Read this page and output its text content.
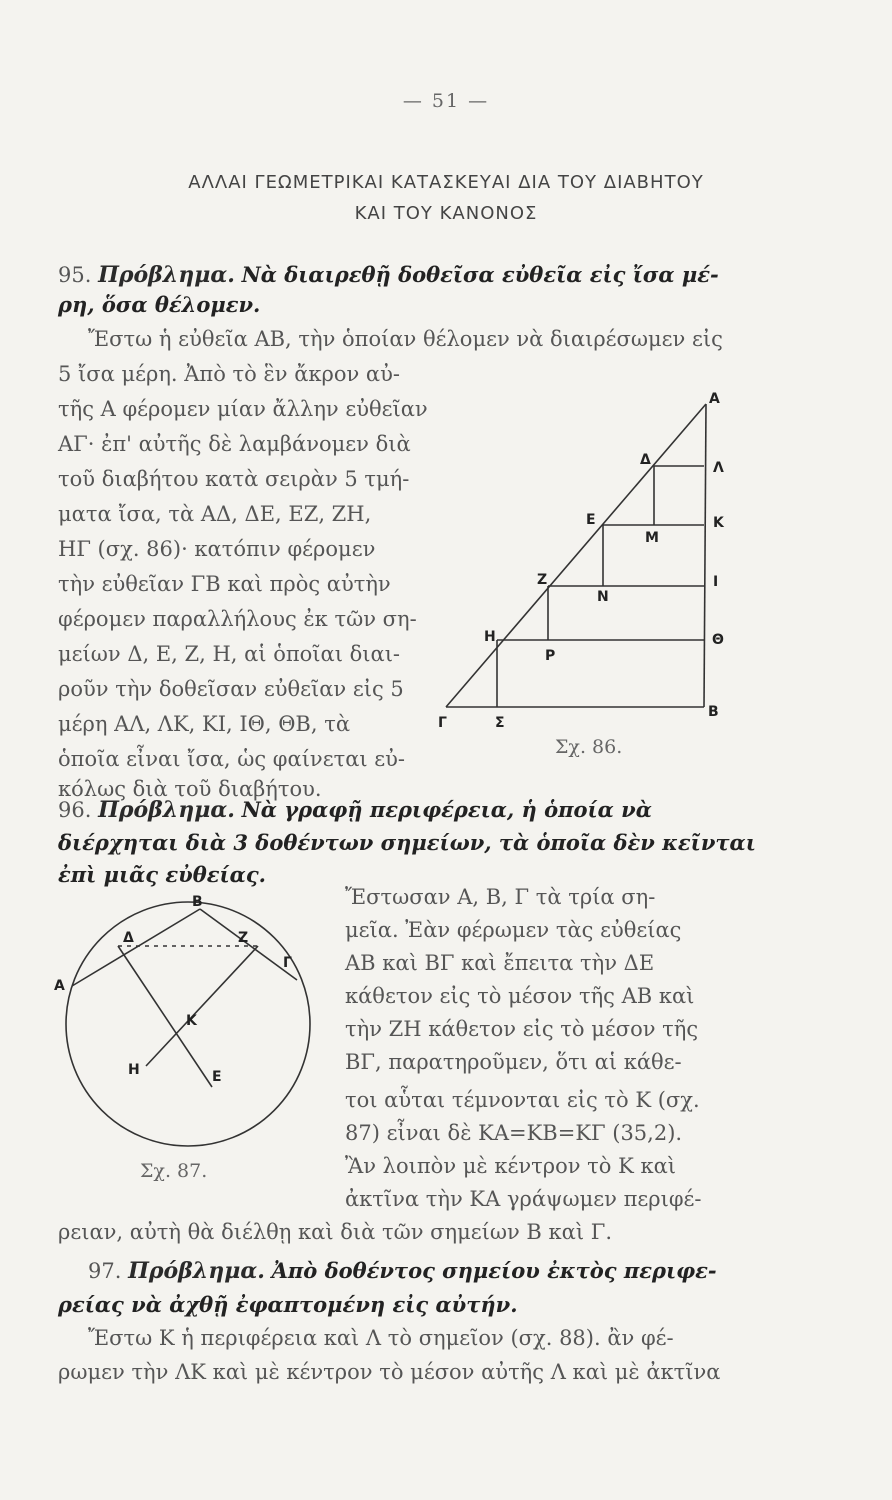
— 51 —
ΑΛΛΑΙ ΓΕΩΜΕΤΡΙΚΑΙ ΚΑΤΑΣΚΕΥΑΙ ΔΙΑ ΤΟΥ ΔΙΑΒΗΤΟΥ
ΚΑΙ ΤΟΥ ΚΑΝΟΝΟΣ
95. Πρόβλημα. Νὰ διαιρεθῇ δοθεῖσα εὐθεῖα εἰς ἴσα μέ-
ρη, ὅσα θέλομεν.
Ἔστω ἡ εὐθεῖα ΑΒ, τὴν ὁποίαν θέλομεν νὰ διαιρέσωμεν εἰς
5 ἴσα μέρη. Ἀπὸ τὸ ἓν ἄκρον αὐ-
τῆς Α φέρομεν μίαν ἄλλην εὐθεῖαν
ΑΓ· ἐπ' αὐτῆς δὲ λαμβάνομεν διὰ
τοῦ διαβήτου κατὰ σειρὰν 5 τμή-
ματα ἴσα, τὰ ΑΔ, ΔΕ, ΕΖ, ΖΗ,
ΗΓ (σχ. 86)· κατόπιν φέρομεν
τὴν εὐθεῖαν ΓΒ καὶ πρὸς αὐτὴν
φέρομεν παραλλήλους ἐκ τῶν ση-
μείων Δ, Ε, Ζ, Η, αἱ ὁποῖαι διαι-
ροῦν τὴν δοθεῖσαν εὐθεῖαν εἰς 5
μέρη ΑΛ, ΛΚ, ΚΙ, ΙΘ, ΘΒ, τὰ
ὁποῖα εἶναι ἴσα, ὡς φαίνεται εὐ-
κόλως διὰ τοῦ διαβήτου.
Α
Δ	Λ
Ε	Κ
Μ
Ζ	Ι
Ν
Η	Θ
Ρ
Γ	Σ
Β
Σχ. 86.
96. Πρόβλημα. Νὰ γραφῇ περιφέρεια, ἡ ὁποία νὰ
διέρχηται διὰ 3 δοθέντων σημείων, τὰ ὁποῖα δὲν κεῖνται
ἐπὶ μιᾶς εὐθείας.
Β
Δ	Ζ
Α
Γ
Κ
Η	Ε
Σχ. 87.
Ἔστωσαν Α, Β, Γ τὰ τρία ση-
μεῖα. Ἐὰν φέρωμεν τὰς εὐθείας
ΑΒ καὶ ΒΓ καὶ ἔπειτα τὴν ΔΕ
κάθετον εἰς τὸ μέσον τῆς ΑΒ καὶ
τὴν ΖΗ κάθετον εἰς τὸ μέσον τῆς
ΒΓ, παρατηροῦμεν, ὅτι αἱ κάθε-
τοι αὗται τέμνονται εἰς τὸ Κ (σχ.
87) εἶναι δὲ ΚΑ=ΚΒ=ΚΓ (35,2).
Ἂν λοιπὸν μὲ κέντρον τὸ Κ καὶ
ἀκτῖνα τὴν ΚΑ γράψωμεν περιφέ-
ρειαν, αὐτὴ θὰ διέλθῃ καὶ διὰ τῶν σημείων Β καὶ Γ.
97. Πρόβλημα. Ἀπὸ δοθέντος σημείου ἐκτὸς περιφε-
ρείας νὰ ἀχθῇ ἐφαπτομένη εἰς αὐτήν.
Ἔστω Κ ἡ περιφέρεια καὶ Λ τὸ σημεῖον (σχ. 88). ἂν φέ-
ρωμεν τὴν ΛΚ καὶ μὲ κέντρον τὸ μέσον αὐτῆς Λ καὶ μὲ ἀκτῖνα
